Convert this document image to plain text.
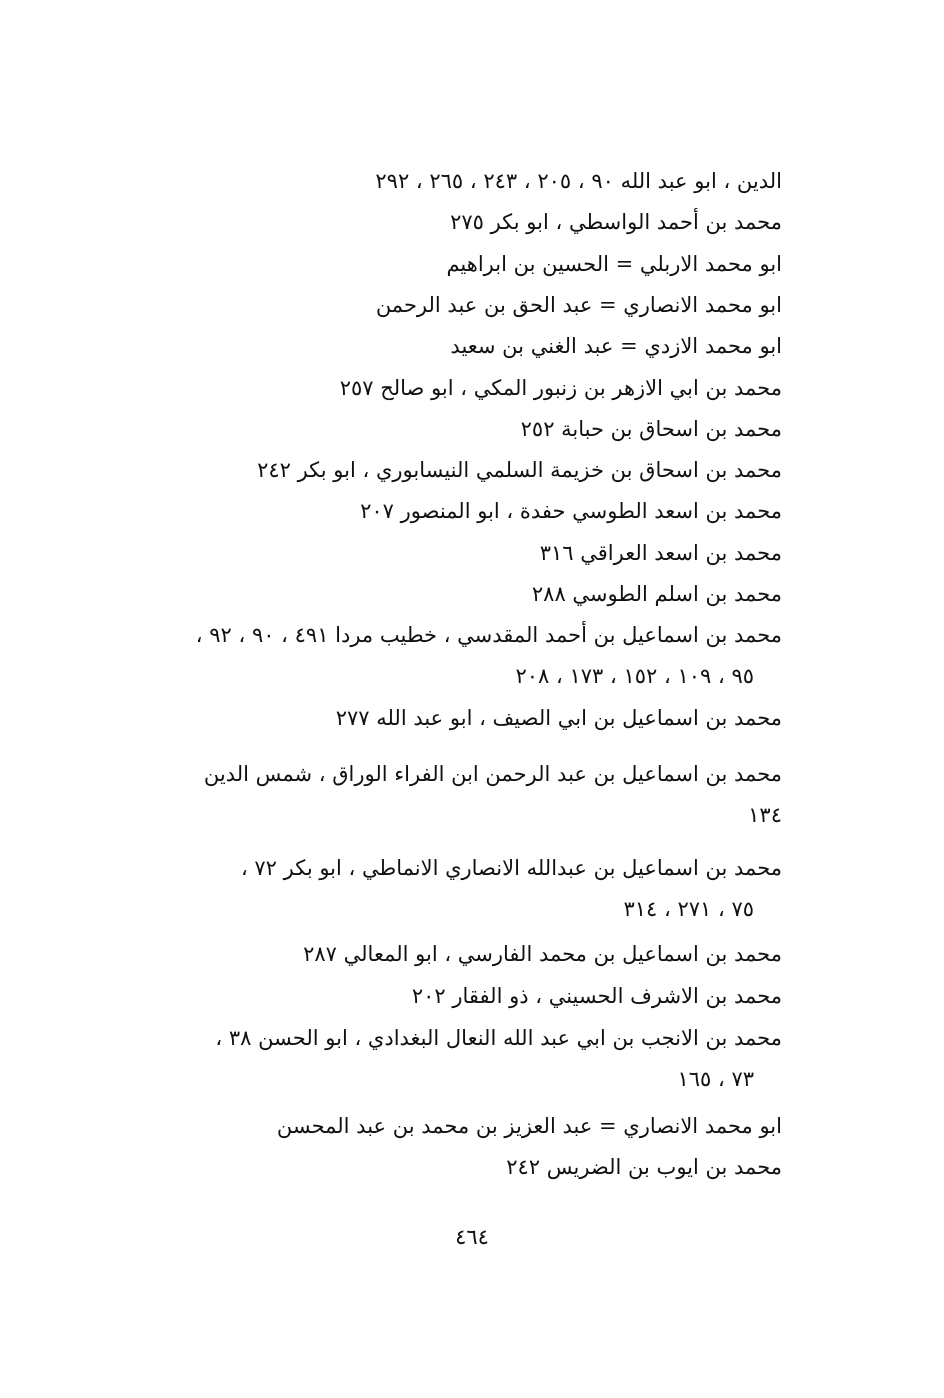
الدين ، ابو عبد الله ٩٠ ، ٢٠٥ ، ٢٤٣ ، ٢٦٥ ، ٢٩٢
محمد بن أحمد الواسطي ، ابو بكر ٢٧٥
ابو محمد الاربلي = الحسين بن ابراهيم
ابو محمد الانصاري = عبد الحق بن عبد الرحمن
ابو محمد الازدي = عبد الغني بن سعيد
محمد بن ابي الازهر بن زنبور المكي ، ابو صالح ٢٥٧
محمد بن اسحاق بن حبابة ٢٥٢
محمد بن اسحاق بن خزيمة السلمي النيسابوري ، ابو بكر ٢٤٢
محمد بن اسعد الطوسي حفدة ، ابو المنصور ٢٠٧
محمد بن اسعد العراقي ٣١٦
محمد بن اسلم الطوسي ٢٨٨
محمد بن اسماعيل بن أحمد المقدسي ، خطيب مردا ٤٩١ ، ٩٠ ، ٩٢ ،
٩٥ ، ١٠٩ ، ١٥٢ ، ١٧٣ ، ٢٠٨
محمد بن اسماعيل بن ابي الصيف ، ابو عبد الله ٢٧٧
محمد بن اسماعيل بن عبد الرحمن ابن الفراء الوراق ، شمس الدين
١٣٤
محمد بن اسماعيل بن عبدالله الانصاري الانماطي ، ابو بكر ٧٢ ،
٧٥ ، ٢٧١ ، ٣١٤
محمد بن اسماعيل بن محمد الفارسي ، ابو المعالي ٢٨٧
محمد بن الاشرف الحسيني ، ذو الفقار ٢٠٢
محمد بن الانجب بن ابي عبد الله النعال البغدادي ، ابو الحسن ٣٨ ،
٧٣ ، ١٦٥
ابو محمد الانصاري = عبد العزيز بن محمد بن عبد المحسن
محمد بن ايوب بن الضريس ٢٤٢
٤٦٤
